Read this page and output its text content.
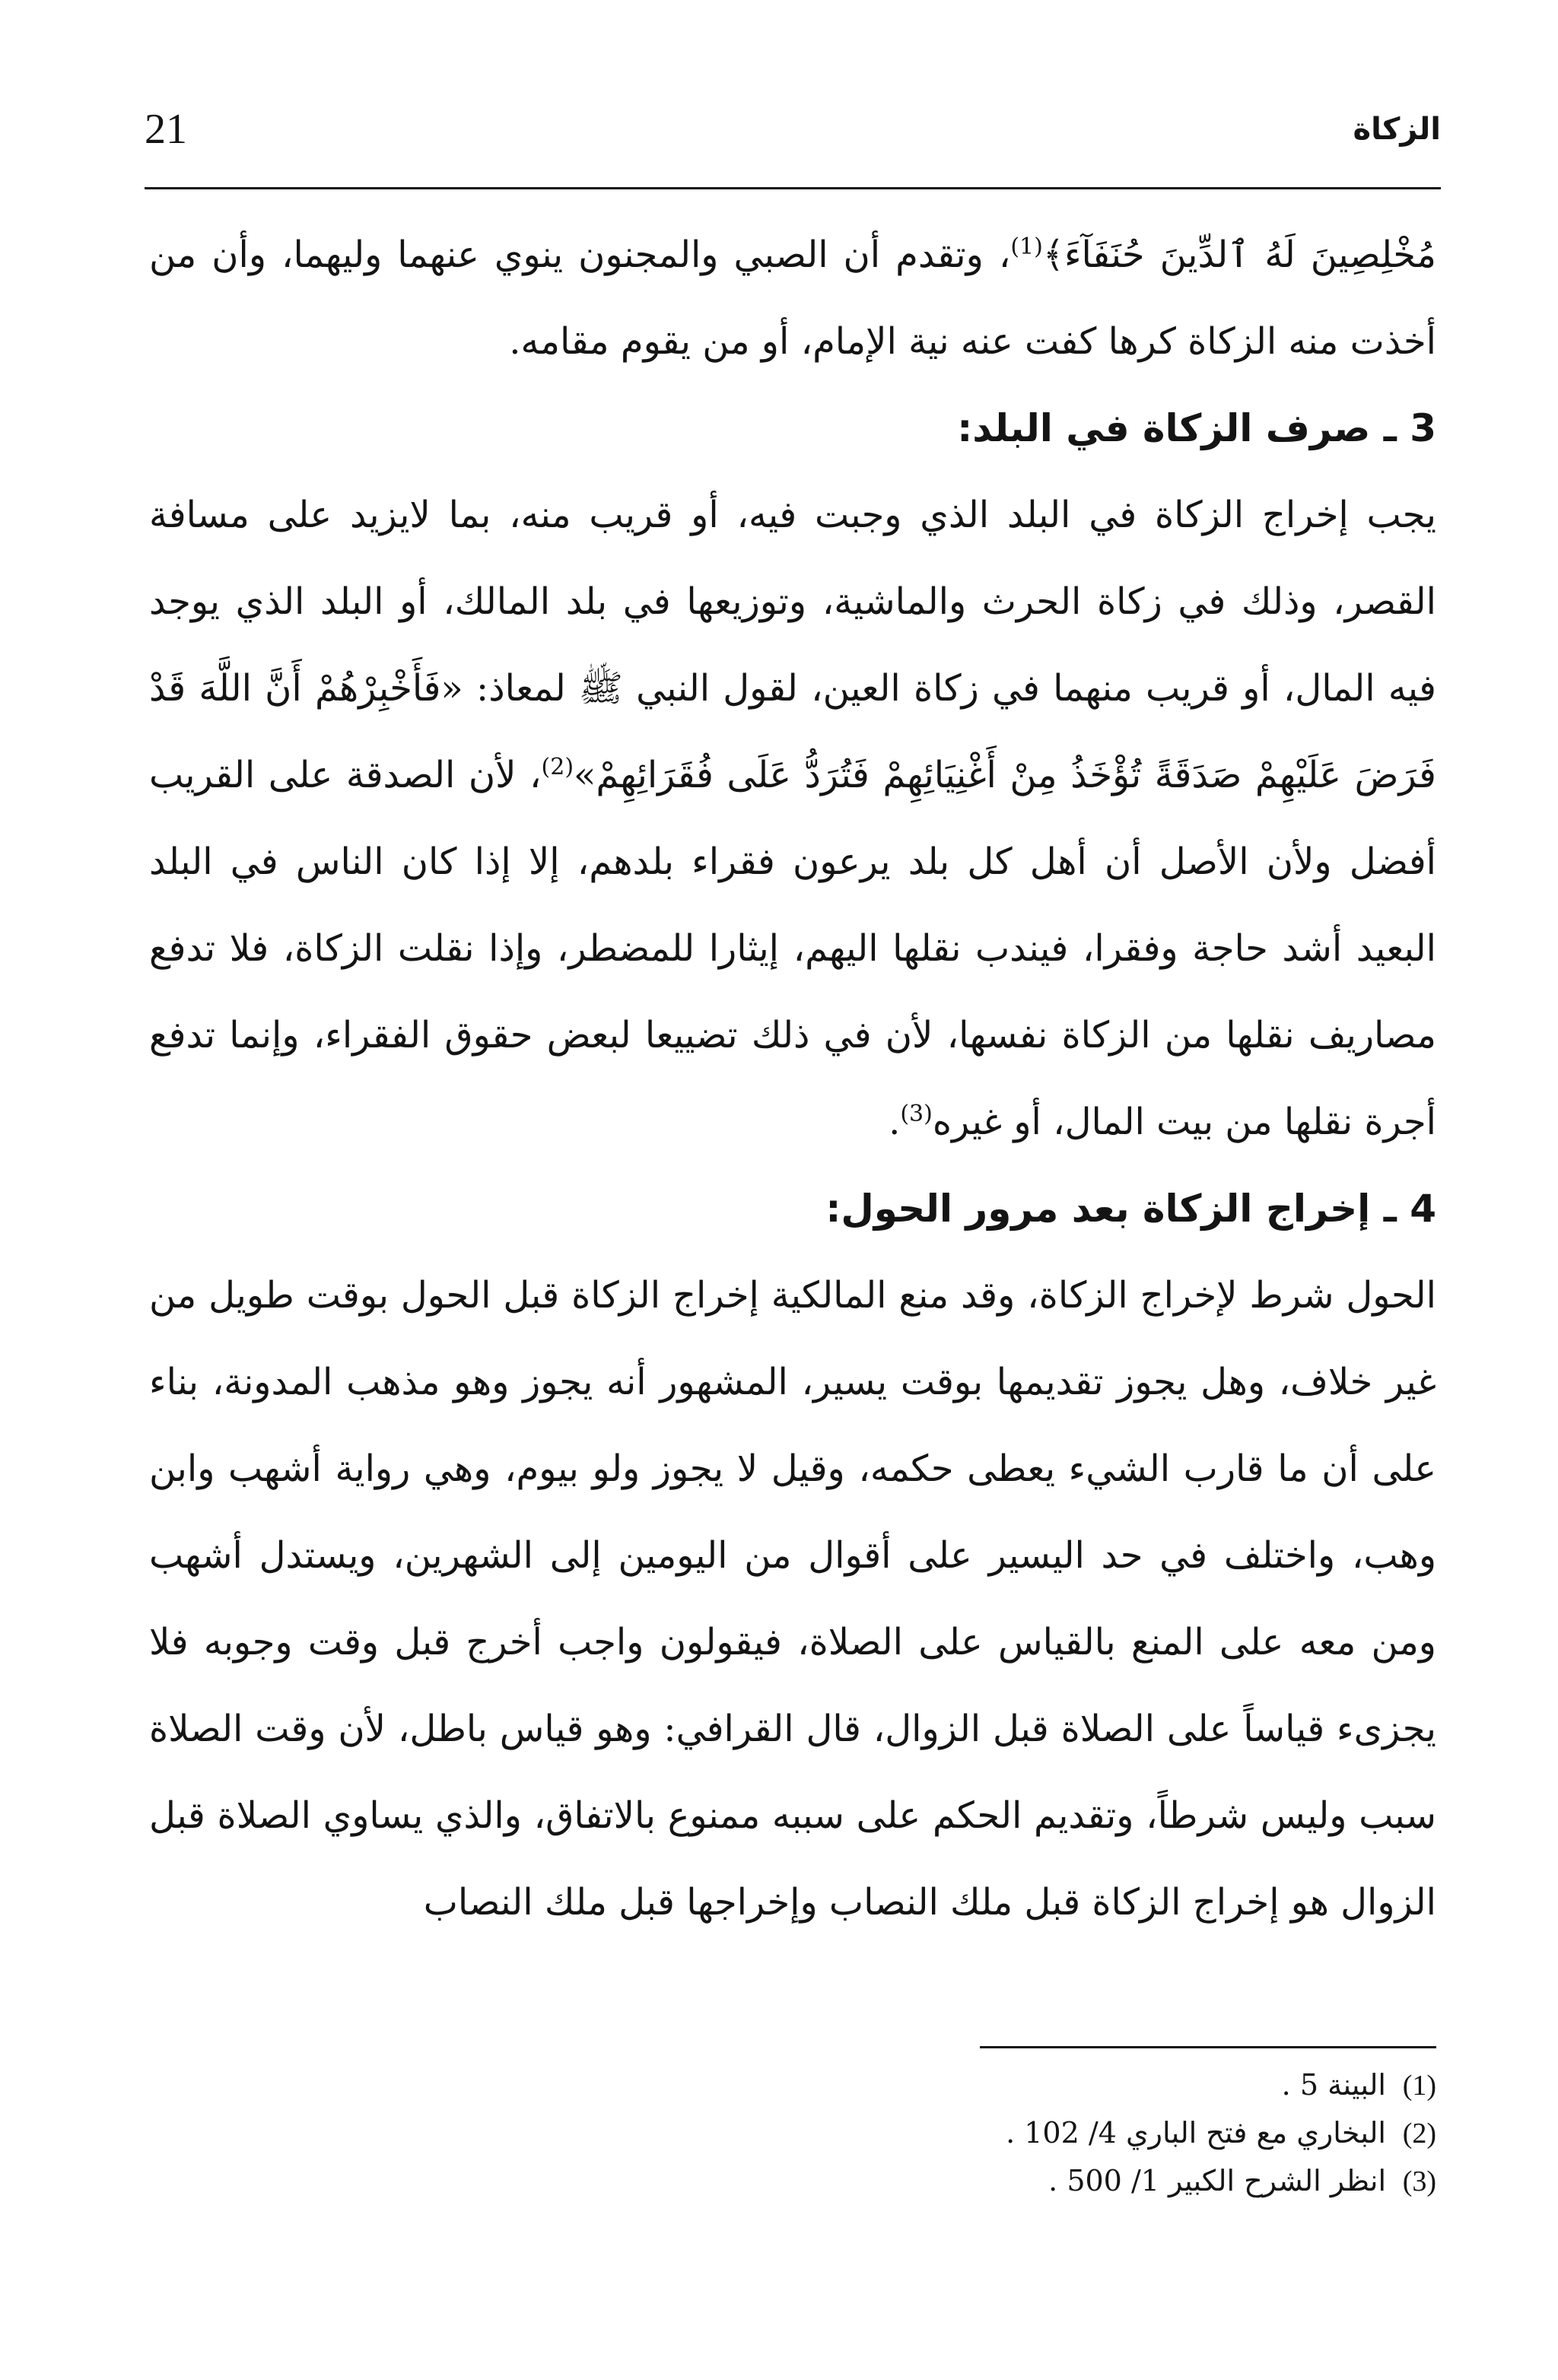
21	الزكاة

مُخْلِصِينَ لَهُ ٱلدِّينَ حُنَفَآءَ﴾$^{(1)}$، وتقدم أن الصبي والمجنون ينوي عنهما وليهما، وأن من أخذت منه الزكاة كرها كفت عنه نية الإمام، أو من يقوم مقامه.

3 ـ صرف الزكاة في البلد:

يجب إخراج الزكاة في البلد الذي وجبت فيه، أو قريب منه، بما لايزيد على مسافة القصر، وذلك في زكاة الحرث والماشية، وتوزيعها في بلد المالك، أو البلد الذي يوجد فيه المال، أو قريب منهما في زكاة العين، لقول النبي ﷺ لمعاذ: «فَأَخْبِرْهُمْ أَنَّ اللَّهَ قَدْ فَرَضَ عَلَيْهِمْ صَدَقَةً تُؤْخَذُ مِنْ أَغْنِيَائِهِمْ فَتُرَدُّ عَلَى فُقَرَائِهِمْ»$^{(2)}$، لأن الصدقة على القريب أفضل ولأن الأصل أن أهل كل بلد يرعون فقراء بلدهم، إلا إذا كان الناس في البلد البعيد أشد حاجة وفقرا، فيندب نقلها اليهم، إيثارا للمضطر، وإذا نقلت الزكاة، فلا تدفع مصاريف نقلها من الزكاة نفسها، لأن في ذلك تضييعا لبعض حقوق الفقراء، وإنما تدفع أجرة نقلها من بيت المال، أو غيره$^{(3)}$.

4 ـ إخراج الزكاة بعد مرور الحول:

الحول شرط لإخراج الزكاة، وقد منع المالكية إخراج الزكاة قبل الحول بوقت طويل من غير خلاف، وهل يجوز تقديمها بوقت يسير، المشهور أنه يجوز وهو مذهب المدونة، بناء على أن ما قارب الشيء يعطى حكمه، وقيل لا يجوز ولو بيوم، وهي رواية أشهب وابن وهب، واختلف في حد اليسير على أقوال من اليومين إلى الشهرين، ويستدل أشهب ومن معه على المنع بالقياس على الصلاة، فيقولون واجب أخرج قبل وقت وجوبه فلا يجزىء قياساً على الصلاة قبل الزوال، قال القرافي: وهو قياس باطل، لأن وقت الصلاة سبب وليس شرطاً، وتقديم الحكم على سببه ممنوع بالاتفاق، والذي يساوي الصلاة قبل الزوال هو إخراج الزكاة قبل ملك النصاب وإخراجها قبل ملك النصاب

(1)البينة 5 .
(2)البخاري مع فتح الباري 4/ 102 .
(3)انظر الشرح الكبير 1/ 500 .
